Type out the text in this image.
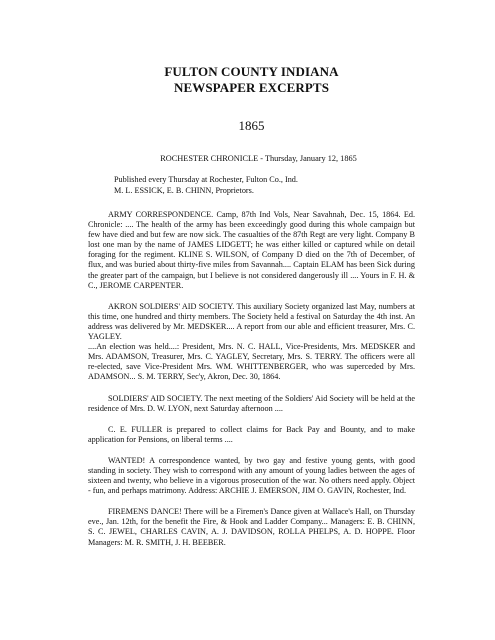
FULTON COUNTY INDIANA
NEWSPAPER EXCERPTS
1865
ROCHESTER CHRONICLE - Thursday, January 12, 1865
Published every Thursday at Rochester, Fulton Co., Ind.
M. L. ESSICK, E. B. CHINN, Proprietors.

ARMY CORRESPONDENCE. Camp, 87th Ind Vols, Near Savahnah, Dec. 15, 1864. Ed. Chronicle: .... The health of the army has been exceedingly good during this whole campaign but few have died and but few are now sick. The casualties of the 87th Regt are very light. Company B lost one man by the name of JAMES LIDGETT; he was either killed or captured while on detail foraging for the regiment. KLINE S. WILSON, of Company D died on the 7th of December, of flux, and was buried about thirty-five miles from Savannah.... Captain ELAM has been Sick during the greater part of the campaign, but I believe is not considered dangerously ill .... Yours in F. H. & C., JEROME CARPENTER.

AKRON SOLDIERS' AID SOCIETY. This auxiliary Society organized last May, numbers at this time, one hundred and thirty members. The Society held a festival on Saturday the 4th inst. An address was delivered by Mr. MEDSKER.... A report from our able and efficient treasurer, Mrs. C. YAGLEY.

....An election was held....: President, Mrs. N. C. HALL, Vice-Presidents, Mrs. MEDSKER and Mrs. ADAMSON, Treasurer, Mrs. C. YAGLEY, Secretary, Mrs. S. TERRY. The officers were all re-elected, save Vice-President Mrs. WM. WHITTENBERGER, who was superceded by Mrs. ADAMSON... S. M. TERRY, Sec'y, Akron, Dec. 30, 1864.

SOLDIERS' AID SOCIETY. The next meeting of the Soldiers' Aid Society will be held at the residence of Mrs. D. W. LYON, next Saturday afternoon ....

C. E. FULLER is prepared to collect claims for Back Pay and Bounty, and to make application for Pensions, on liberal terms ....

WANTED! A correspondence wanted, by two gay and festive young gents, with good standing in society. They wish to correspond with any amount of young ladies between the ages of sixteen and twenty, who believe in a vigorous prosecution of the war. No others need apply. Object - fun, and perhaps matrimony. Address: ARCHIE J. EMERSON, JIM O. GAVIN, Rochester, Ind.

FIREMENS DANCE! There will be a Firemen's Dance given at Wallace's Hall, on Thursday eve., Jan. 12th, for the benefit the Fire, & Hook and Ladder Company... Managers: E. B. CHINN, S. C. JEWEL, CHARLES CAVIN, A. J. DAVIDSON, ROLLA PHELPS, A. D. HOPPE. Floor Managers: M. R. SMITH, J. H. BEEBER.
